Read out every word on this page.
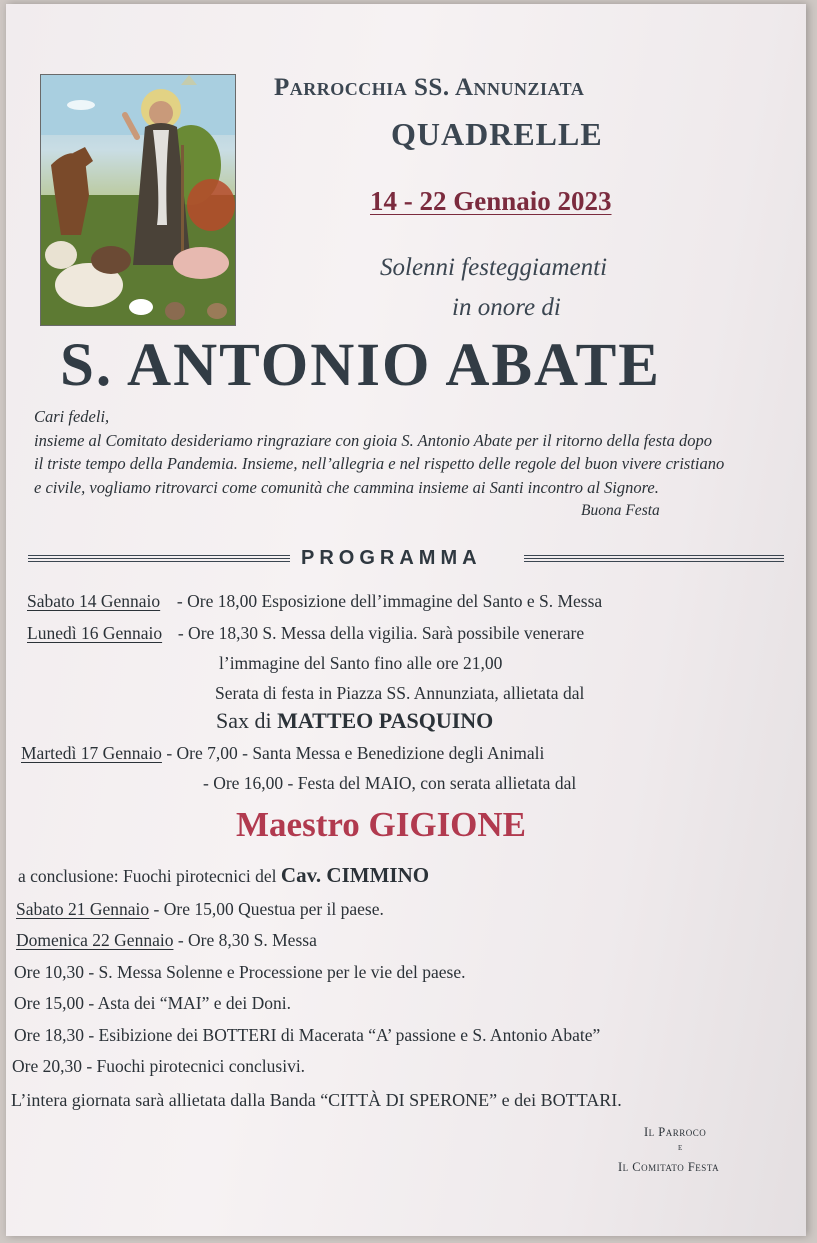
Parrocchia SS. Annunziata
QUADRELLE
14 - 22 Gennaio 2023
Solenni festeggiamenti
in onore di
S. ANTONIO ABATE
Cari fedeli,
insieme al Comitato desideriamo ringraziare con gioia S. Antonio Abate per il ritorno della festa dopo
il triste tempo della Pandemia. Insieme, nell’allegria e nel rispetto delle regole del buon vivere cristiano
e civile, vogliamo ritrovarci come comunità che cammina insieme ai Santi incontro al Signore.
Buona Festa
PROGRAMMA
Sabato 14 Gennaio - Ore 18,00 Esposizione dell’immagine del Santo e S. Messa
Lunedì 16 Gennaio - Ore 18,30 S. Messa della vigilia. Sarà possibile venerare
l’immagine del Santo fino alle ore 21,00
Serata di festa in Piazza SS. Annunziata, allietata dal
Sax di MATTEO PASQUINO
Martedì 17 Gennaio - Ore 7,00 - Santa Messa e Benedizione degli Animali
- Ore 16,00 - Festa del MAIO, con serata allietata dal
Maestro GIGIONE
a conclusione: Fuochi pirotecnici del Cav. CIMMINO
Sabato 21 Gennaio - Ore 15,00 Questua per il paese.
Domenica 22 Gennaio - Ore 8,30 S. Messa
Ore 10,30 - S. Messa Solenne e Processione per le vie del paese.
Ore 15,00 - Asta dei “MAI” e dei Doni.
Ore 18,30 - Esibizione dei BOTTERI di Macerata “A’ passione e S. Antonio Abate”
Ore 20,30 - Fuochi pirotecnici conclusivi.
L’intera giornata sarà allietata dalla Banda “CITTÀ DI SPERONE” e dei BOTTARI.
Il Parroco
e
Il Comitato Festa
